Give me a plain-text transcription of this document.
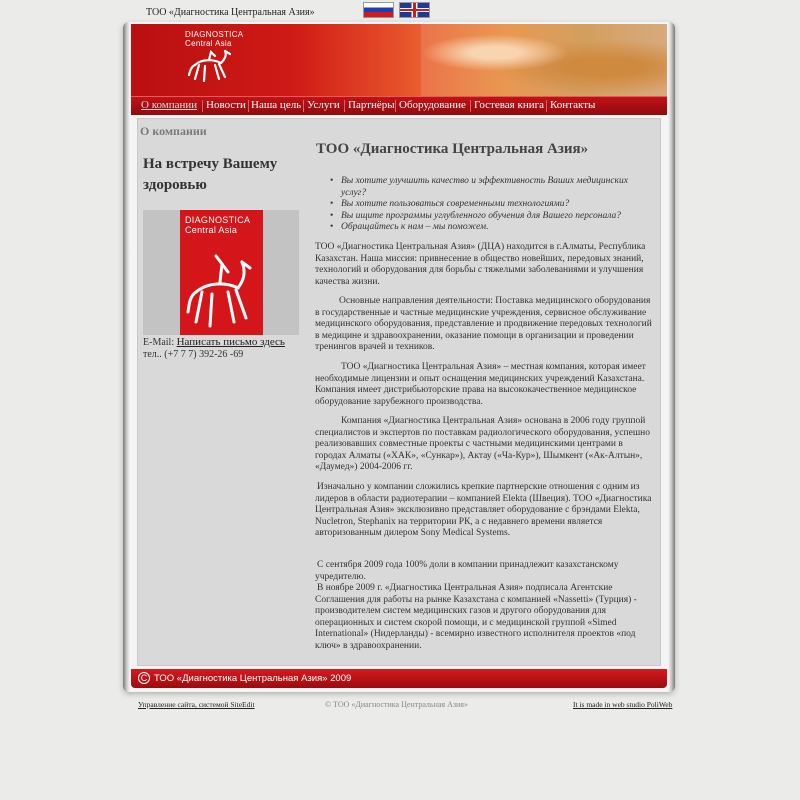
ТОО «Диагностика Центральная Азия»
DIAGNOSTICA
Central Asia
О компании Новости Наша цель Услуги Партнёры Оборудование Гостевая книга Контакты
О компании
На встречу Вашему здоровью
DIAGNOSTICA
Central Asia
E-Mail: Написать письмо здесь
тел.. (+7 7 7) 392-26 -69
ТОО «Диагностика Центральная Азия»
• Вы хотите улучшить качество и эффективность Ваших медицинских услуг?
• Вы хотите пользоваться современными технологиями?
• Вы ищите программы углубленного обучения для Вашего персонала?
• Обращайтесь к нам – мы поможем.

ТОО «Диагностика Центральная Азия» (ДЦА) находится в г.Алматы, Республика Казахстан. Наша миссия: привнесение в общество новейших, передовых знаний, технологий и оборудования для борьбы с тяжелыми заболеваниями и улучшения качества жизни.

Основные направления деятельности: Поставка медицинского оборудования в государственные и частные медицинские учреждения, сервисное обслуживание медицинского оборудования, представление и продвижение передовых технологий в медицине и здравоохранении, оказание помощи в организации и проведении тренингов врачей и техников.

ТОО «Диагностика Центральная Азия» – местная компания, которая имеет необходимые лицензии и опыт оснащения медицинских учреждений Казахстана. Компания имеет дистрибьюторские права на высококачественное медицинское оборудование зарубежного производства.

Компания «Диагностика Центральная Азия» основана в 2006 году группой специалистов и экспертов по поставкам радиологического оборудования, успешно реализовавших совместные проекты с частными медицинскими центрами в городах Алматы («ХАК», «Сункар»), Актау («Ча-Кур»), Шымкент («Ак-Алтын», «Даумед») 2004-2006 гг.

Изначально у компании сложились крепкие партнерские отношения с одним из лидеров в области радиотерапии – компанией Elekta (Швеция). ТОО «Диагностика Центральная Азия» эксклюзивно представляет оборудование с брэндами Elekta, Nucletron, Stephanix на территории РК, а с недавнего времени является авторизованным дилером Sony Medical Systems.

С сентября 2009 года 100% доли в компании принадлежит казахстанскому учредителю.

В ноябре 2009 г. «Диагностика Центральная Азия» подписала Агентские Соглашения для работы на рынке Казахстана с компанией «Nassetti» (Турция) - производителем систем медицинских газов и другого оборудования для операционных и систем скорой помощи, и с медицинской группой «Simed International» (Нидерланды) - всемирно известного исполнителя проектов «под ключ» в здравоохранении.

C ТОО «Диагностика Центральная Азия» 2009
Управление сайта, системой SiteEdit	© ТОО «Диагностика Центральная Азия»	It is made in web studio PoliWeb
